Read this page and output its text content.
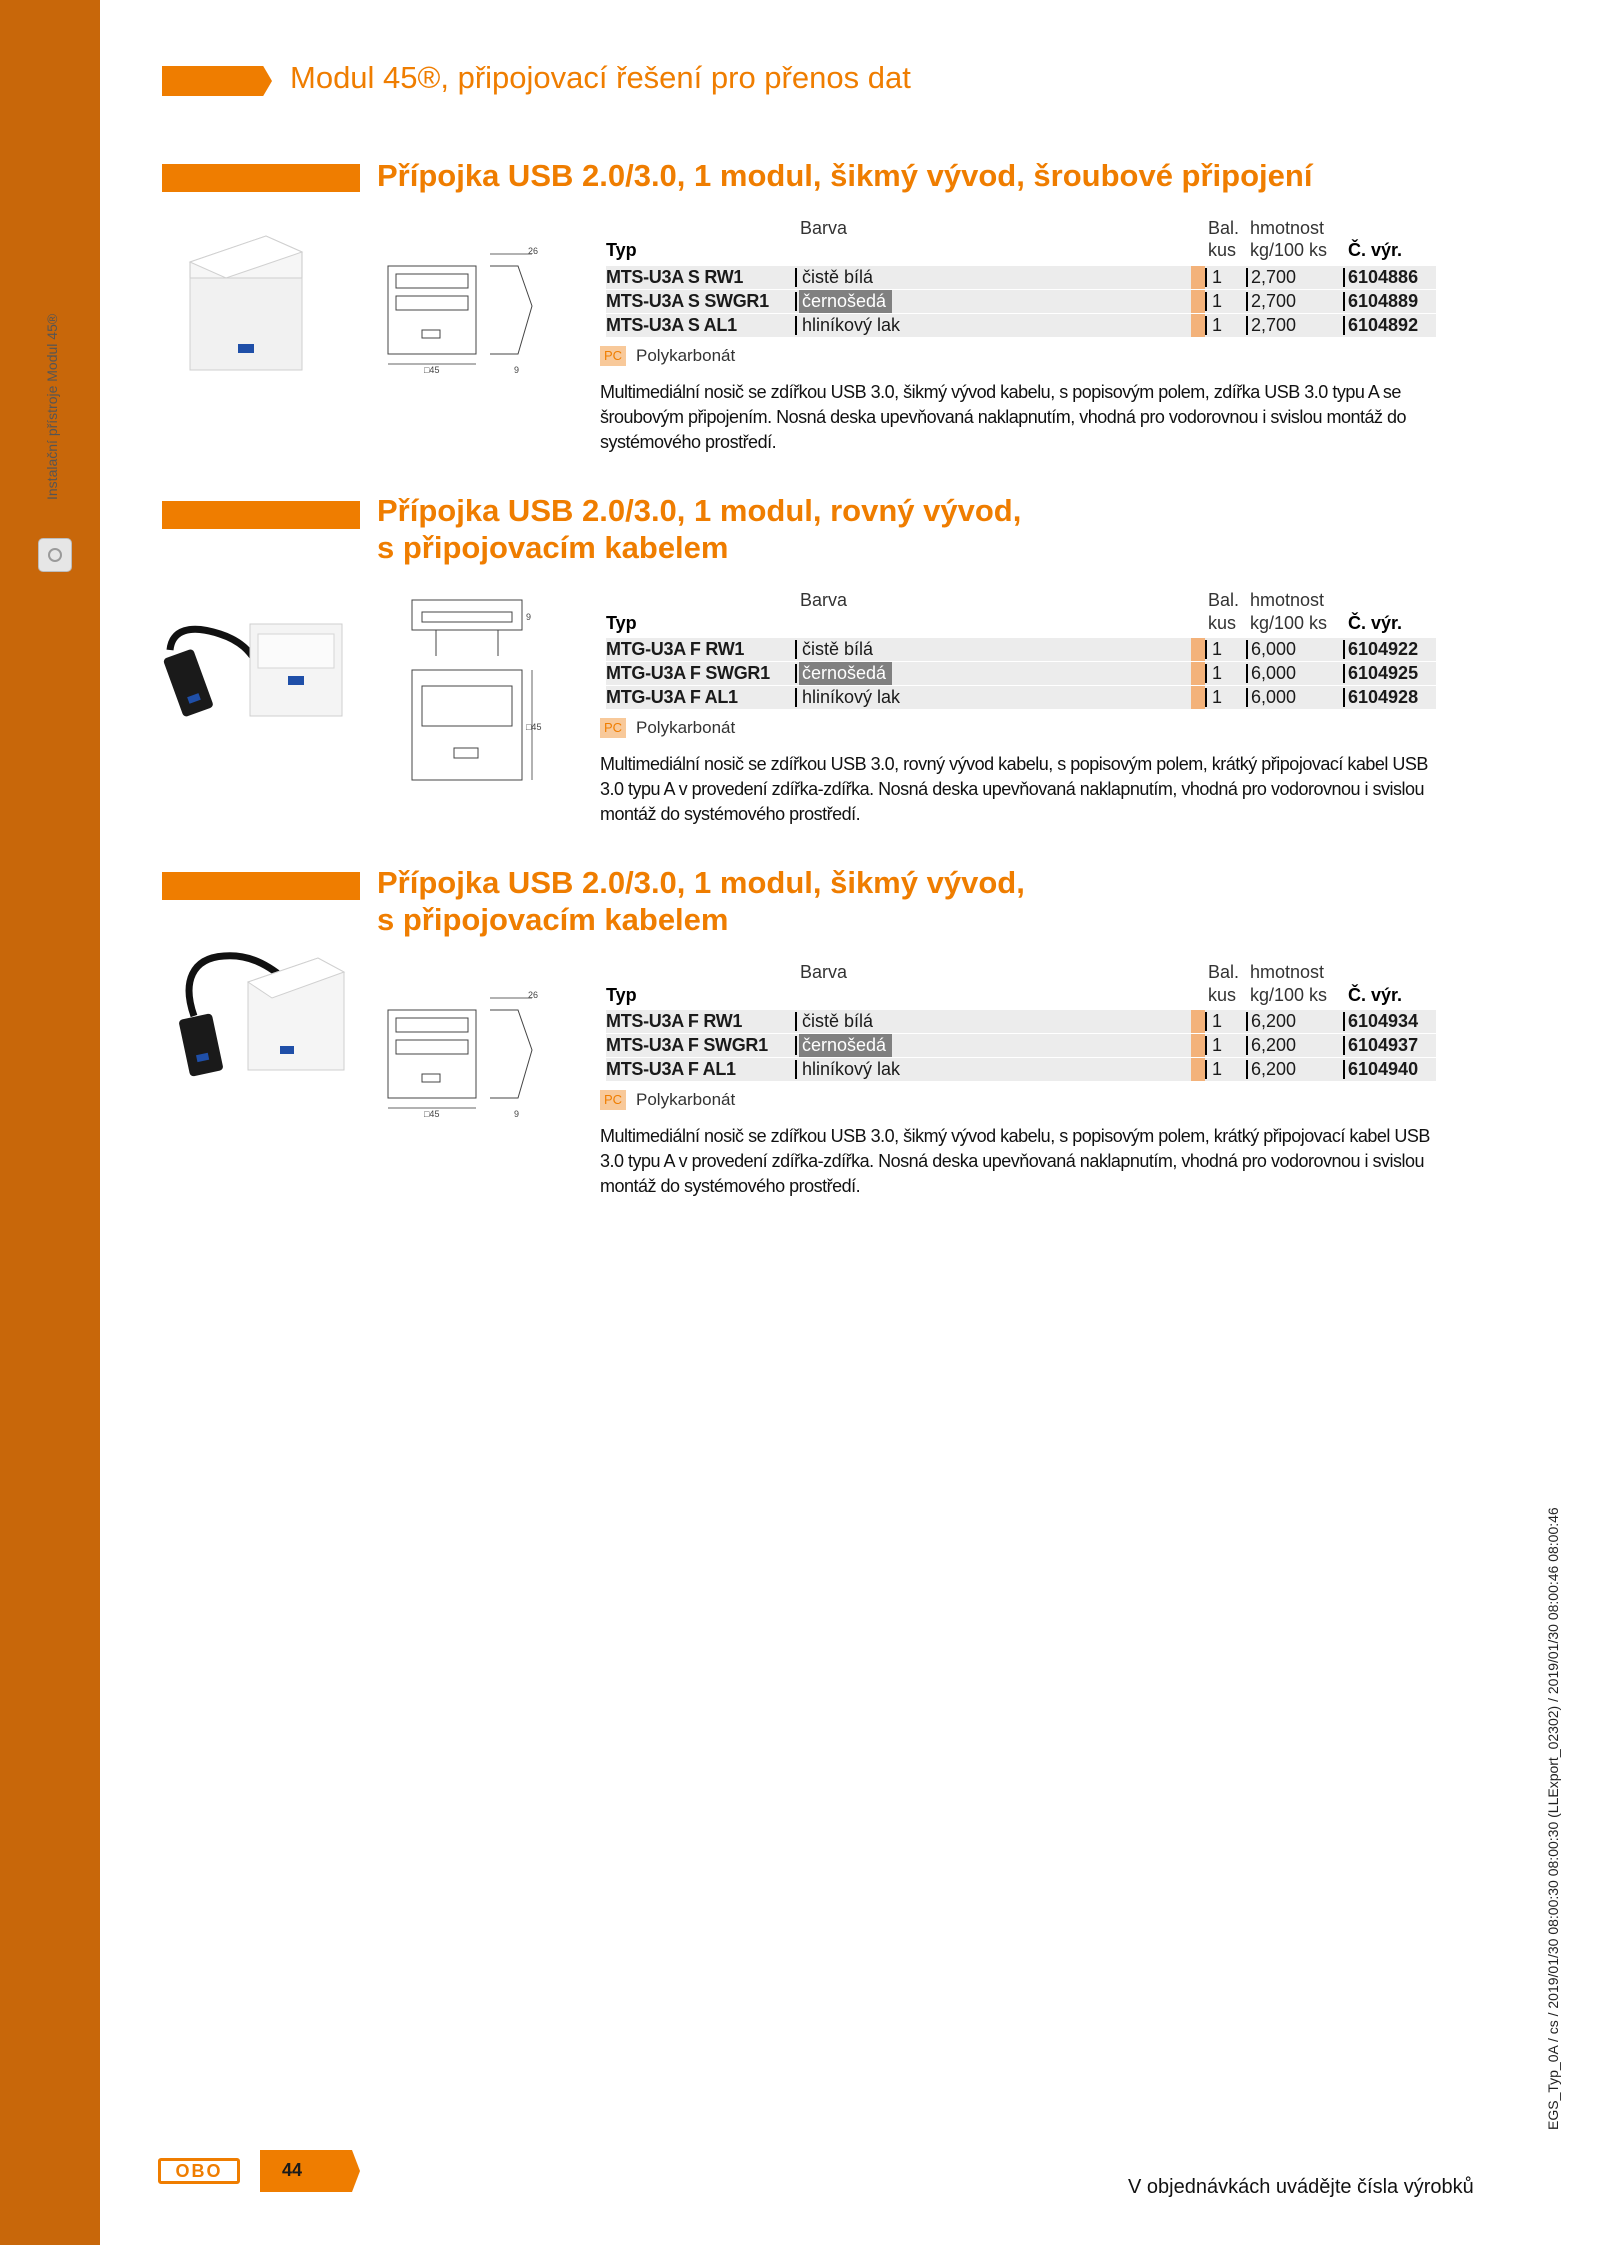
Instalační přístroje Modul 45®
Modul 45®, připojovací řešení pro přenos dat
Přípojka USB 2.0/3.0, 1 modul, šikmý vývod, šroubové připojení
26
□45	9
Barva	Bal. hmotnost
Typ	kus kg/100 ks Č. výr.
MTS-U3A S RW1	čistě bílá	1 2,700	6104886
MTS-U3A S SWGR1 černošedá	1 2,700	6104889
MTS-U3A S AL1	hliníkový lak	1 2,700	6104892
PC Polykarbonát
Multimediální nosič se zdířkou USB 3.0, šikmý vývod kabelu, s popisovým polem, zdířka USB 3.0 typu A se šroubovým připojením. Nosná deska upevňovaná naklapnutím, vhodná pro vodorovnou i svislou montáž do systémového prostředí.
Přípojka USB 2.0/3.0, 1 modul, rovný vývod,
s připojovacím kabelem
9
□45
Barva	Bal. hmotnost
Typ	kus kg/100 ks Č. výr.
MTG-U3A F RW1	čistě bílá	1 6,000	6104922
MTG-U3A F SWGR1 černošedá	1 6,000	6104925
MTG-U3A F AL1	hliníkový lak	1 6,000	6104928
PC Polykarbonát
Multimediální nosič se zdířkou USB 3.0, rovný vývod kabelu, s popisovým polem, krátký připojovací kabel USB 3.0 typu A v provedení zdířka-zdířka. Nosná deska upevňovaná naklapnutím, vhodná pro vodorovnou i svislou montáž do systémového prostředí.
Přípojka USB 2.0/3.0, 1 modul, šikmý vývod,
s připojovacím kabelem
26
□45	9
Barva	Bal. hmotnost
Typ	kus kg/100 ks Č. výr.
MTS-U3A F RW1	čistě bílá	1 6,200	6104934
MTS-U3A F SWGR1 černošedá	1 6,200	6104937
MTS-U3A F AL1	hliníkový lak	1 6,200	6104940
PC Polykarbonát
Multimediální nosič se zdířkou USB 3.0, šikmý vývod kabelu, s popisovým polem, krátký připojovací kabel USB 3.0 typu A v provedení zdířka-zdířka. Nosná deska upevňovaná naklapnutím, vhodná pro vodorovnou i svislou montáž do systémového prostředí.
EGS_Typ_0A / cs / 2019/01/30 08:00:30 08:00:30 (LLExport_02302) / 2019/01/30 08:00:46 08:00:46
OBO	44
V objednávkách uvádějte čísla výrobků
